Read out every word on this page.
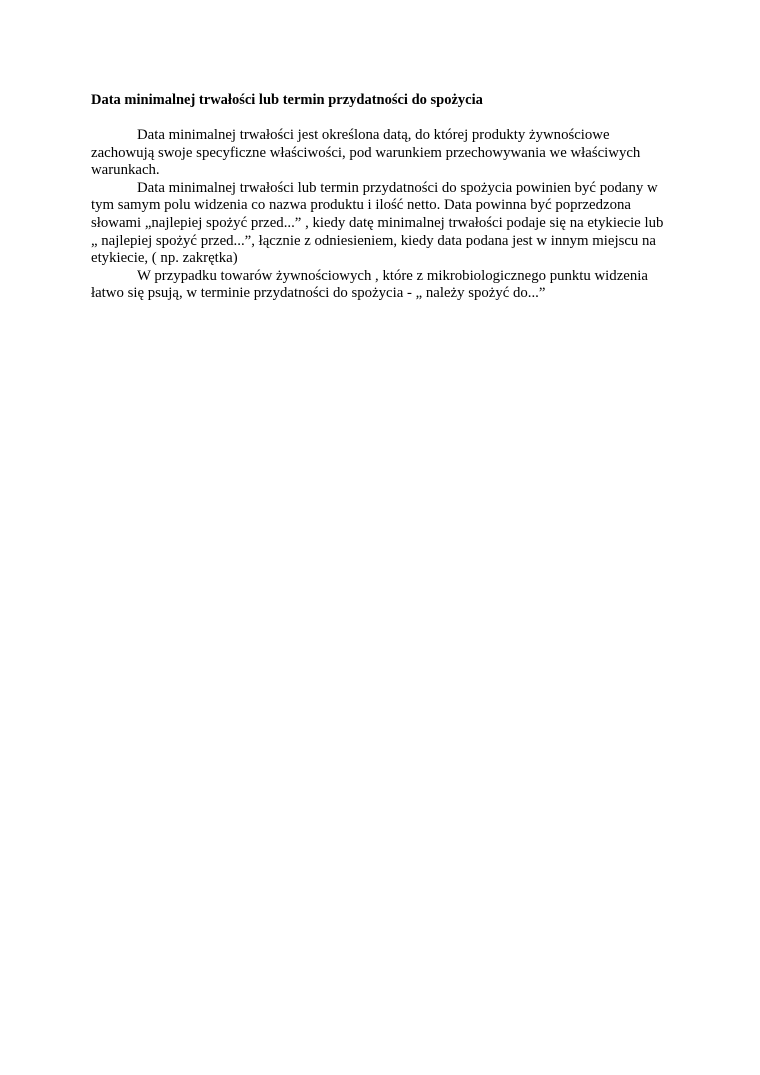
Data minimalnej trwałości lub termin przydatności do spożycia

Data minimalnej trwałości jest określona datą, do której produkty żywnościowe zachowują swoje specyficzne właściwości, pod warunkiem przechowywania we właściwych warunkach.

Data minimalnej trwałości lub termin przydatności do spożycia powinien być podany w tym samym polu widzenia co nazwa produktu i ilość netto. Data powinna być poprzedzona słowami „najlepiej spożyć przed...” , kiedy datę minimalnej trwałości podaje się na etykiecie lub „ najlepiej spożyć przed...”, łącznie z odniesieniem, kiedy data podana jest w innym miejscu na etykiecie, ( np. zakrętka)

W przypadku towarów żywnościowych , które z mikrobiologicznego punktu widzenia łatwo się psują, w terminie przydatności do spożycia - „ należy spożyć do...”
